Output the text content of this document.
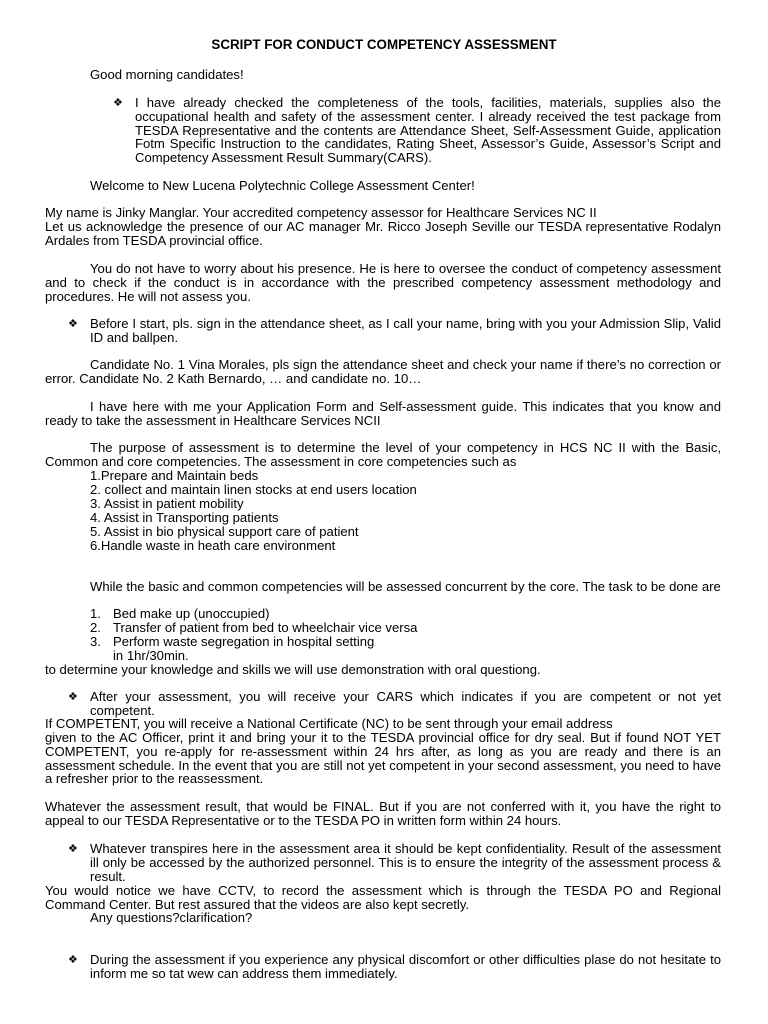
SCRIPT FOR CONDUCT COMPETENCY ASSESSMENT
Good morning candidates!
❖ I have already checked the completeness of the tools, facilities, materials, supplies also the occupational health and safety of the assessment center. I already received the test package from TESDA Representative and the contents are Attendance Sheet, Self-Assessment Guide, application Fotm Specific Instruction to the candidates, Rating Sheet, Assessor’s Guide, Assessor’s Script and Competency Assessment Result Summary(CARS).
Welcome to New Lucena Polytechnic College Assessment Center!
My name is Jinky Manglar. Your accredited competency assessor for Healthcare Services NC II
Let us acknowledge the presence of our AC manager Mr. Ricco Joseph Seville our TESDA representative Rodalyn Ardales from TESDA provincial office.
You do not have to worry about his presence. He is here to oversee the conduct of competency assessment and to check if the conduct is in accordance with the prescribed competency assessment methodology and procedures. He will not assess you.
❖ Before I start, pls. sign in the attendance sheet, as I call your name, bring with you your Admission Slip, Valid ID and ballpen.
Candidate No. 1 Vina Morales, pls sign the attendance sheet and check your name if there’s no correction or error. Candidate No. 2 Kath Bernardo, … and candidate no. 10…
I have here with me your Application Form and Self-assessment guide. This indicates that you know and ready to take the assessment in Healthcare Services NCII
The purpose of assessment is to determine the level of your competency in HCS NC II with the Basic, Common and core competencies. The assessment in core competencies such as
1.Prepare and Maintain beds
2. collect and maintain linen stocks at end users location
3. Assist in patient mobility
4. Assist in Transporting patients
5. Assist in bio physical support care of patient
6.Handle waste in heath care environment
While the basic and common competencies will be assessed concurrent by the core. The task to be done are
1. Bed make up (unoccupied)
2. Transfer of patient from bed to wheelchair vice versa
3. Perform waste segregation in hospital setting
in 1hr/30min.
to determine your knowledge and skills we will use demonstration with oral questiong.
❖ After your assessment, you will receive your CARS which indicates if you are competent or not yet competent.
If COMPETENT, you will receive a National Certificate (NC) to be sent through your email address
given to the AC Officer, print it and bring your it to the TESDA provincial office for dry seal. But if found NOT YET COMPETENT, you re-apply for re-assessment within 24 hrs after, as long as you are ready and there is an assessment schedule. In the event that you are still not yet competent in your second assessment, you need to have a refresher prior to the reassessment.
Whatever the assessment result, that would be FINAL. But if you are not conferred with it, you have the right to appeal to our TESDA Representative or to the TESDA PO in written form within 24 hours.
❖ Whatever transpires here in the assessment area it should be kept confidentiality. Result of the assessment ill only be accessed by the authorized personnel. This is to ensure the integrity of the assessment process & result.
You would notice we have CCTV, to record the assessment which is through the TESDA PO and Regional Command Center. But rest assured that the videos are also kept secretly.
Any questions?clarification?
❖ During the assessment if you experience any physical discomfort or other difficulties plase do not hesitate to inform me so tat wew can address them immediately.
